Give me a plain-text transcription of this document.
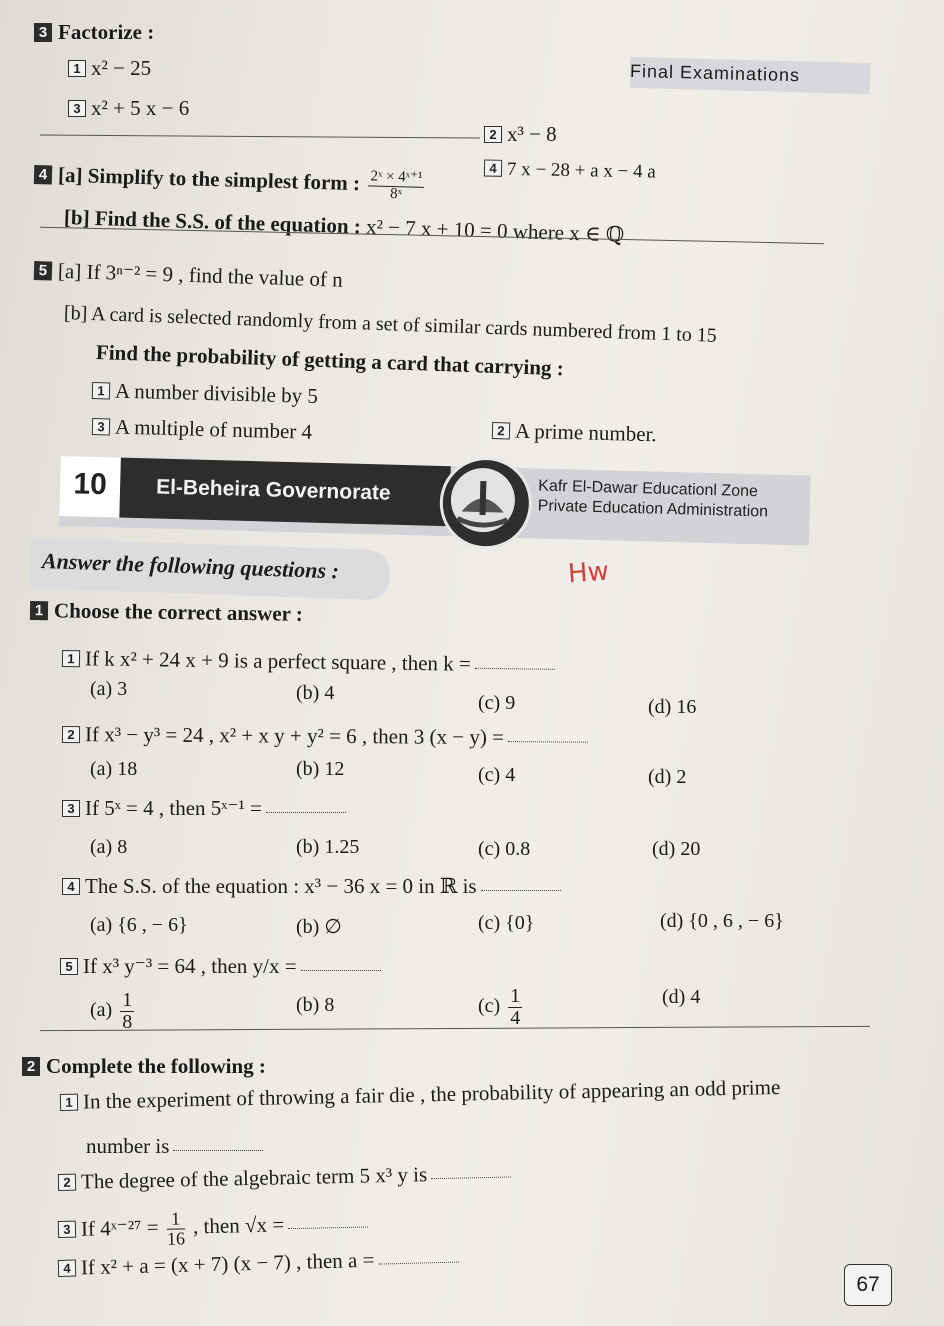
3 Factorize :
Final Examinations
1 x² − 25
3 x² + 5 x − 6
2 x³ − 8
4 7 x − 28 + a x − 4 a
4 [a] Simplify to the simplest form : $\frac{\text{2ˣ × 4ˣ⁺¹}}{\text{8ˣ}}$
[b] Find the S.S. of the equation : x² − 7 x + 10 = 0 where x ∈ ℚ
5 [a] If 3ⁿ⁻² = 9 , find the value of n
[b] A card is selected randomly from a set of similar cards numbered from 1 to 15
Find the probability of getting a card that carrying :
1 A number divisible by 5
3 A multiple of number 4	2 A prime number.
10	El-Beheira Governorate	Kafr El-Dawar Educationl Zone
Private Education Administration
Answer the following questions :	Hw
1 Choose the correct answer :
1 If k x² + 24 x + 9 is a perfect square , then k =
(a) 3	(b) 4	(c) 9	(d) 16
2 If x³ − y³ = 24 , x² + x y + y² = 6 , then 3 (x − y) =
(a) 18	(b) 12	(c) 4	(d) 2
3 If 5ˣ = 4 , then 5ˣ⁻¹ =
(a) 8	(b) 1.25	(c) 0.8	(d) 20
4 The S.S. of the equation : x³ − 36 x = 0 in ℝ is
(a) {6 , − 6}	(b) ∅	(c) {0}	(d) {0 , 6 , − 6}
5 If x³ y⁻³ = 64 , then y/x =
$(a) \frac{1}{8}$	(b) 8	$(c) \frac{1}{4}$	(d) 4
2 Complete the following :
1 In the experiment of throwing a fair die , the probability of appearing an odd prime
number is
2 The degree of the algebraic term 5 x³ y is
3 If 4ˣ⁻²⁷ = $\frac{1}{16}$ , then √x =
4 If x² + a = (x + 7) (x − 7) , then a =
67
